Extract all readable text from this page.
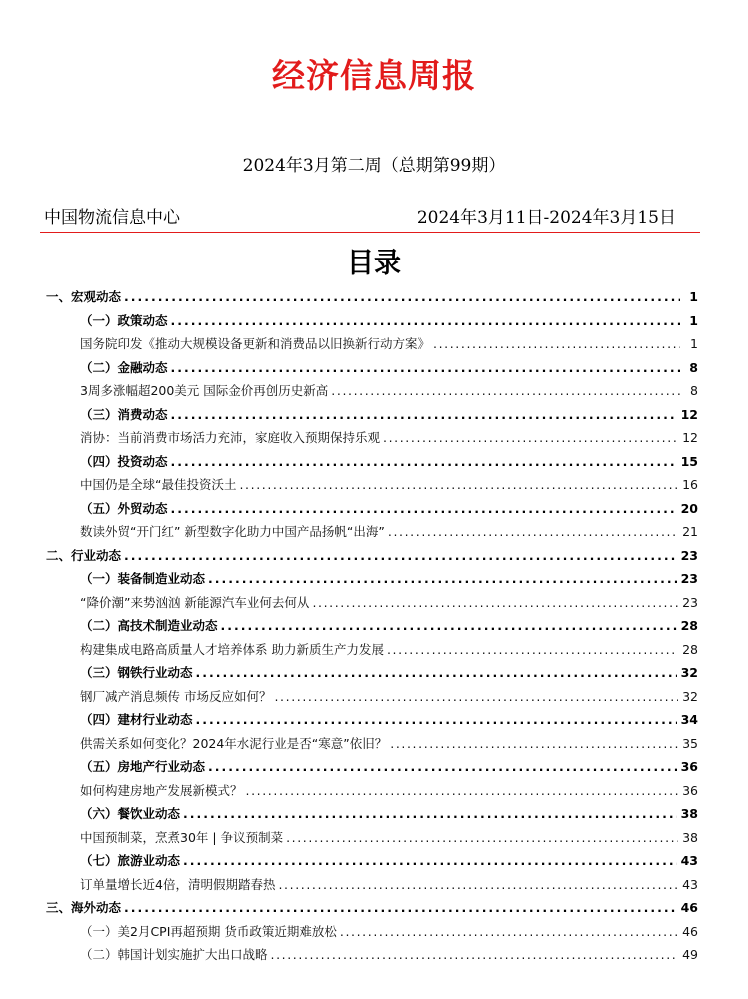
经济信息周报
2024年3月第二周（总期第99期）
中国物流信息中心	2024年3月11日-2024年3月15日
目录
一、宏观动态 .....	1
（一）政策动态 .....	1
国务院印发《推动大规模设备更新和消费品以旧换新行动方案》 .....	1
（二）金融动态 .....	8
3周多涨幅超200美元 国际金价再创历史新高 .....	8
（三）消费动态 .....	12
消协：当前消费市场活力充沛，家庭收入预期保持乐观 .....	12
（四）投资动态 .....	15
中国仍是全球“最佳投资沃土 .....	16
（五）外贸动态 .....	20
数读外贸“开门红” 新型数字化助力中国产品扬帆“出海” .....	21
二、行业动态 .....	23
（一）装备制造业动态 .....	23
“降价潮”来势汹汹 新能源汽车业何去何从 .....	23
（二）高技术制造业动态 .....	28
构建集成电路高质量人才培养体系 助力新质生产力发展 .....	28
（三）钢铁行业动态 .....	32
钢厂减产消息频传 市场反应如何？ .....	32
（四）建材行业动态 .....	34
供需关系如何变化？2024年水泥行业是否“寒意”依旧？ .....	35
（五）房地产行业动态 .....	36
如何构建房地产发展新模式？ .....	36
（六）餐饮业动态 .....	38
中国预制菜，烹煮30年 | 争议预制菜 .....	38
（七）旅游业动态 .....	43
订单量增长近4倍，清明假期踏春热 .....	43
三、海外动态 .....	46
（一）美2月CPI再超预期 货币政策近期难放松 .....	46
（二）韩国计划实施扩大出口战略 .....	49
